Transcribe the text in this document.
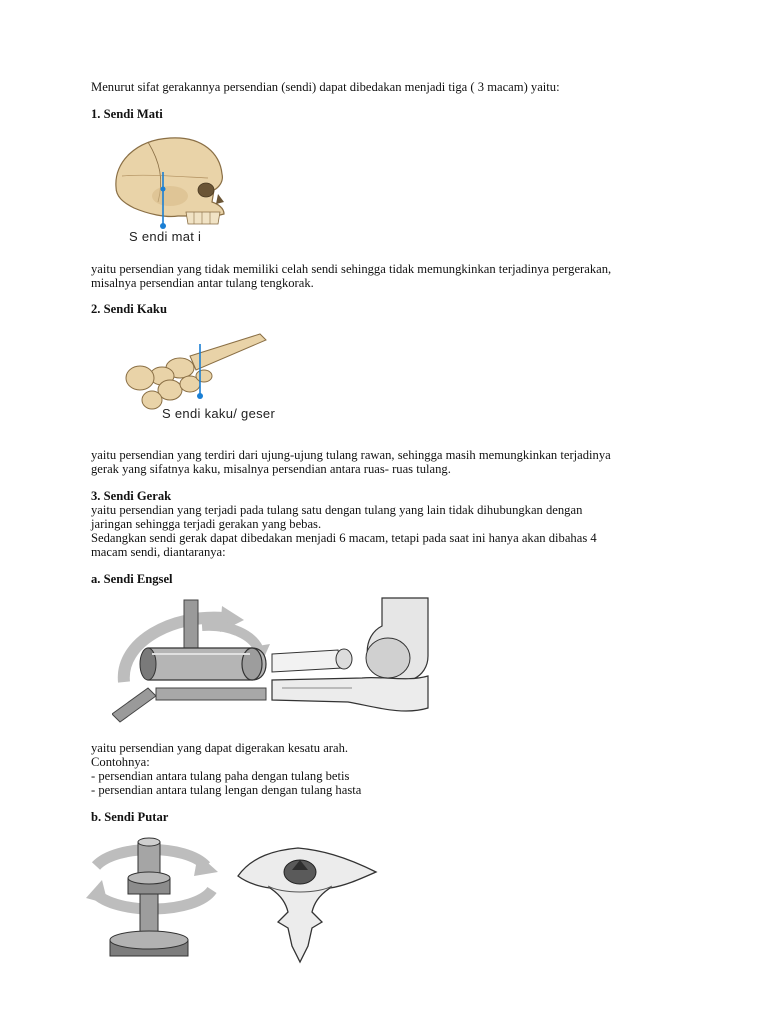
Menurut sifat gerakannya persendian (sendi) dapat dibedakan menjadi tiga ( 3 macam) yaitu:
1. Sendi Mati
S endi mat i
yaitu persendian yang tidak memiliki celah sendi sehingga tidak memungkinkan terjadinya pergerakan,
misalnya persendian antar tulang tengkorak.
2. Sendi Kaku
S endi kaku/ geser
yaitu persendian yang terdiri dari ujung-ujung tulang rawan, sehingga masih memungkinkan terjadinya
gerak yang sifatnya kaku, misalnya persendian antara ruas- ruas tulang.
3. Sendi Gerak
yaitu persendian yang terjadi pada tulang satu dengan tulang yang lain tidak dihubungkan dengan
jaringan sehingga terjadi gerakan yang bebas.
Sedangkan sendi gerak dapat dibedakan menjadi 6 macam, tetapi pada saat ini hanya akan dibahas 4
macam sendi, diantaranya:
a. Sendi Engsel
yaitu persendian yang dapat digerakan kesatu arah.
Contohnya:
- persendian antara tulang paha dengan tulang betis
- persendian antara tulang lengan dengan tulang hasta
b. Sendi Putar
